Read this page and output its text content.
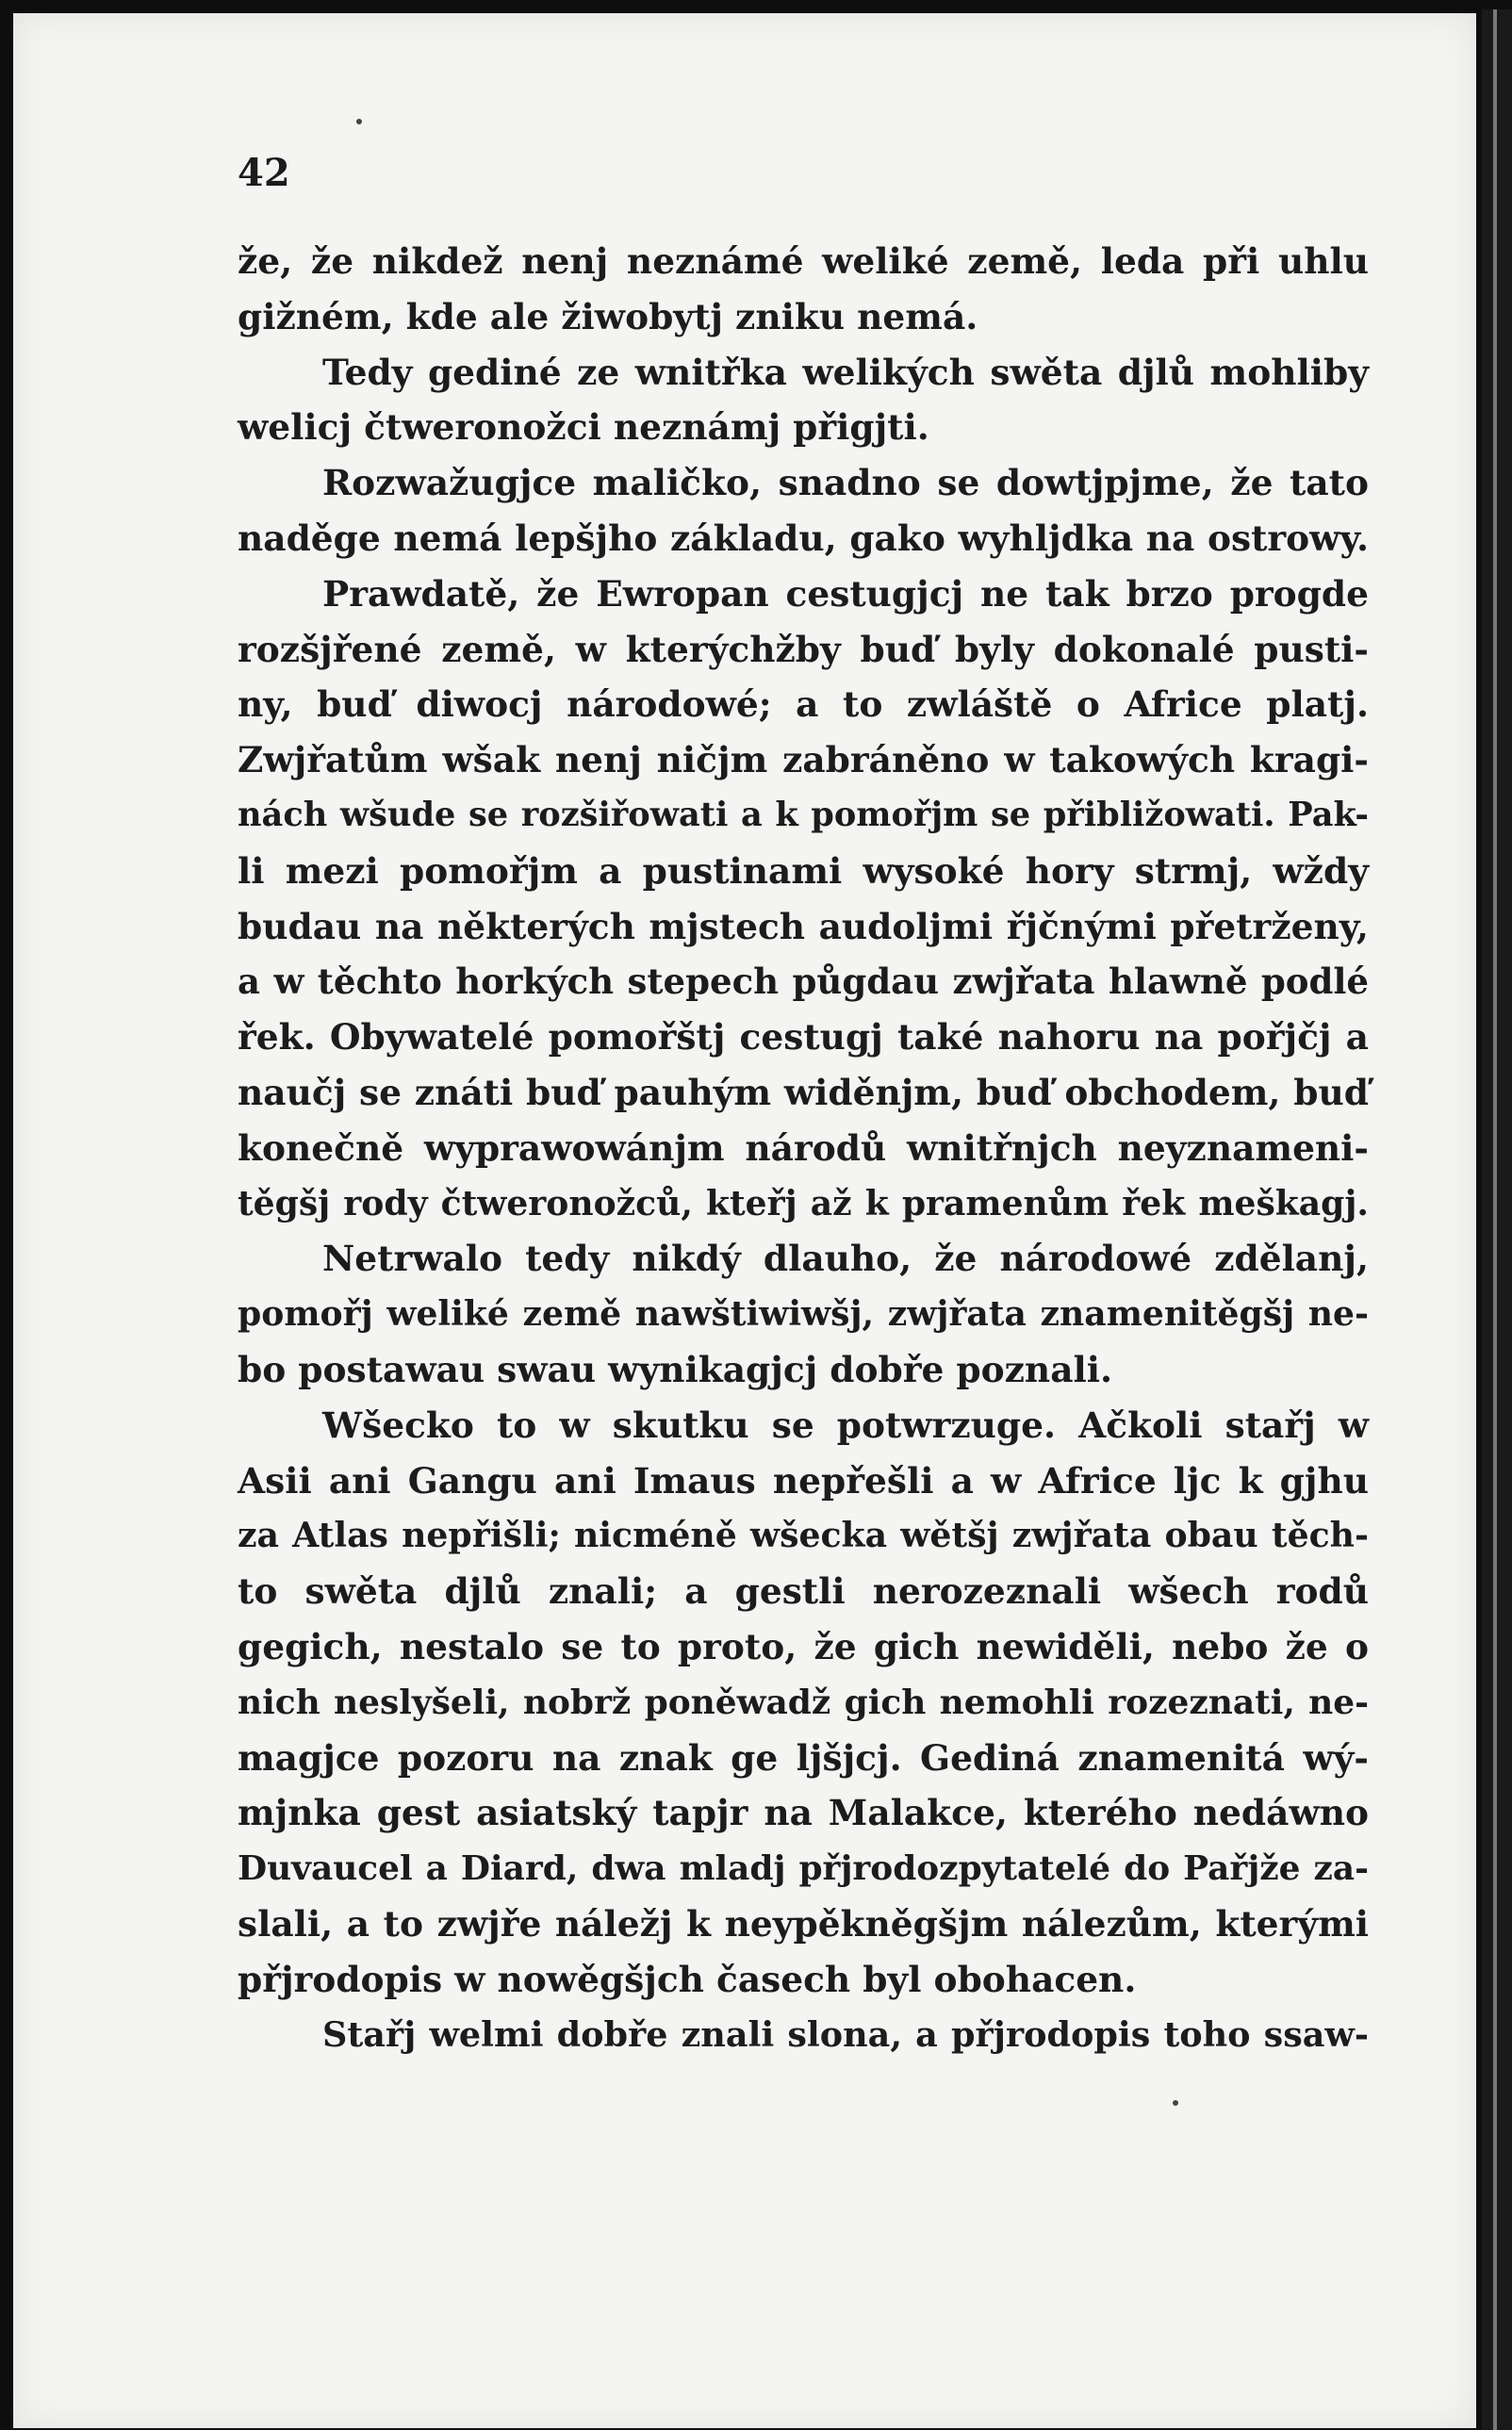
42
že, že nikdež nenj neznámé weliké země, leda při uhlu
gižném, kde ale žiwobytj zniku nemá.
Tedy gediné ze wnitřka welikých swěta djlů mohliby
welicj čtweronožci neznámj přigjti.
Rozwažugjce maličko, snadno se dowtjpjme, že tato
naděge nemá lepšjho základu, gako wyhljdka na ostrowy.
Prawdatě, že Ewropan cestugjcj ne tak brzo progde
rozšjřené země, w kterýchžby buď byly dokonalé pusti-
ny, buď diwocj národowé; a to zwláště o Africe platj.
Zwjřatům wšak nenj ničjm zabráněno w takowých kragi-
nách wšude se rozšiřowati a k pomořjm se přibližowati. Pak-
li mezi pomořjm a pustinami wysoké hory strmj, wždy
budau na některých mjstech audoljmi řjčnými přetrženy,
a w těchto horkých stepech půgdau zwjřata hlawně podlé
řek. Obywatelé pomořštj cestugj také nahoru na pořjčj a
naučj se znáti buď pauhým widěnjm, buď obchodem, buď
konečně wyprawowánjm národů wnitřnjch neyznameni-
těgšj rody čtweronožců, kteřj až k pramenům řek meškagj.
Netrwalo tedy nikdý dlauho, že národowé zdělanj,
pomořj weliké země nawštiwiwšj, zwjřata znamenitěgšj ne-
bo postawau swau wynikagjcj dobře poznali.
Wšecko to w skutku se potwrzuge. Ačkoli stařj w
Asii ani Gangu ani Imaus nepřešli a w Africe ljc k gjhu
za Atlas nepřišli; nicméně wšecka wětšj zwjřata obau těch-
to swěta djlů znali; a gestli nerozeznali wšech rodů
gegich, nestalo se to proto, že gich newiděli, nebo že o
nich neslyšeli, nobrž poněwadž gich nemohli rozeznati, ne-
magjce pozoru na znak ge ljšjcj. Gediná znamenitá wý-
mjnka gest asiatský tapjr na Malakce, kterého nedáwno
Duvaucel a Diard, dwa mladj přjrodozpytatelé do Pařjže za-
slali, a to zwjře náležj k neypěkněgšjm nálezům, kterými
přjrodopis w nowěgšjch časech byl obohacen.
Stařj welmi dobře znali slona, a přjrodopis toho ssaw-
